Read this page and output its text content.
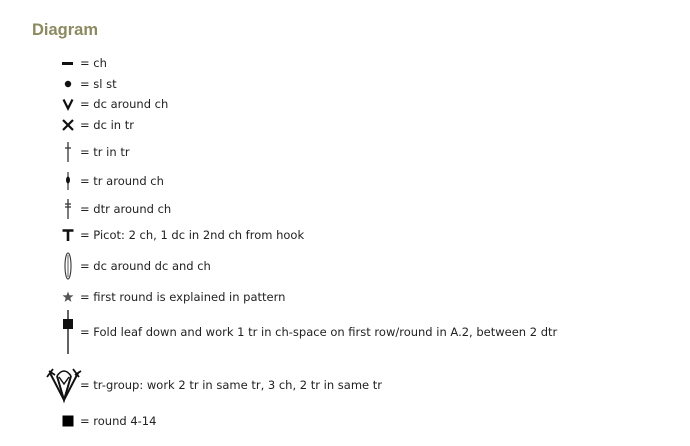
Diagram
= ch
= sl st
= dc around ch
= dc in tr
= tr in tr
= tr around ch
= dtr around ch
= Picot: 2 ch, 1 dc in 2nd ch from hook
= dc around dc and ch
= first round is explained in pattern
= Fold leaf down and work 1 tr in ch-space on first row/round in A.2, between 2 dtr
= tr-group: work 2 tr in same tr, 3 ch, 2 tr in same tr
= round 4-14
